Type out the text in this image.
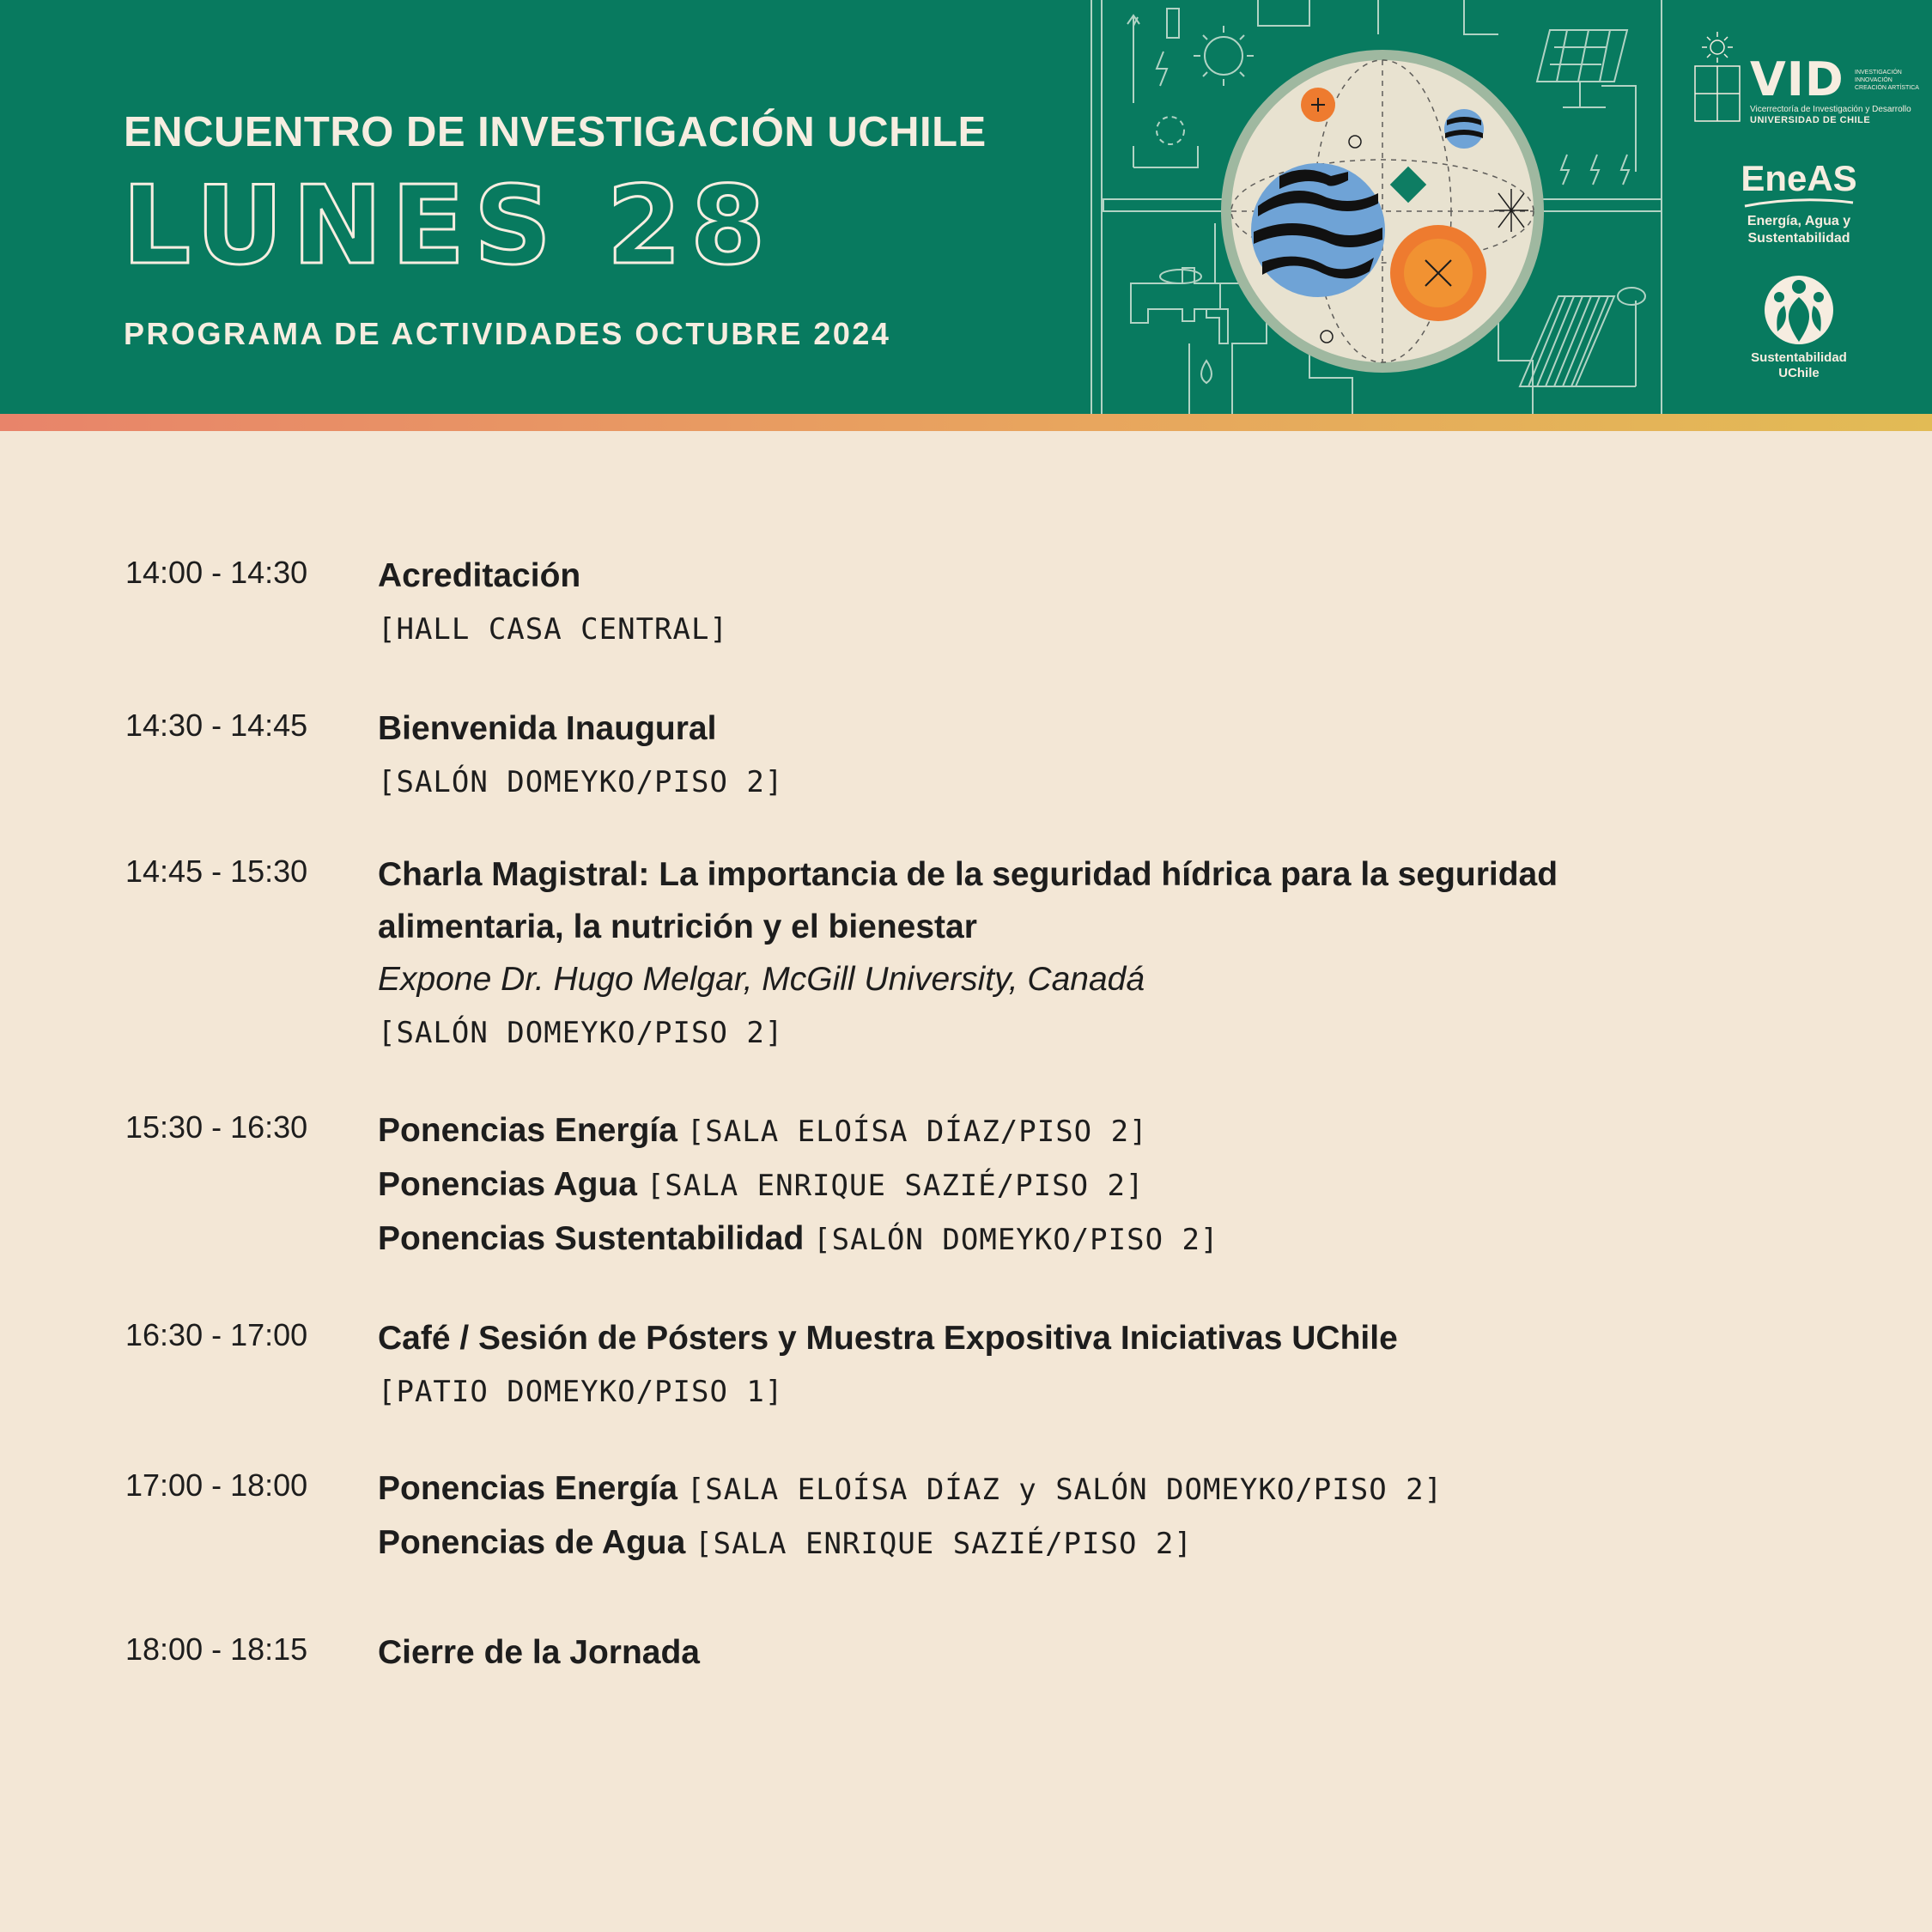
ENCUENTRO DE INVESTIGACIÓN UCHILE
LUNES 28
PROGRAMA DE ACTIVIDADES OCTUBRE 2024
VID INVESTIGACIÓN
INNOVACIÓN
CREACIÓN ARTÍSTICA
Vicerrectoría de Investigación y Desarrollo
UNIVERSIDAD DE CHILE
EneAS
Energía, Agua y
Sustentabilidad
Sustentabilidad
UChile
14:00 - 14:30 Acreditación
[HALL CASA CENTRAL]
14:30 - 14:45 Bienvenida Inaugural
[SALÓN DOMEYKO/PISO 2]
14:45 - 15:30 Charla Magistral: La importancia de la seguridad hídrica para la seguridad
alimentaria, la nutrición y el bienestar
Expone Dr. Hugo Melgar, McGill University, Canadá
[SALÓN DOMEYKO/PISO 2]
15:30 - 16:30 Ponencias Energía [SALA ELOÍSA DÍAZ/PISO 2]
Ponencias Agua [SALA ENRIQUE SAZIÉ/PISO 2]
Ponencias Sustentabilidad [SALÓN DOMEYKO/PISO 2]
16:30 - 17:00 Café / Sesión de Pósters y Muestra Expositiva Iniciativas UChile
[PATIO DOMEYKO/PISO 1]
17:00 - 18:00 Ponencias Energía [SALA ELOÍSA DÍAZ y SALÓN DOMEYKO/PISO 2]
Ponencias de Agua [SALA ENRIQUE SAZIÉ/PISO 2]
18:00 - 18:15 Cierre de la Jornada
